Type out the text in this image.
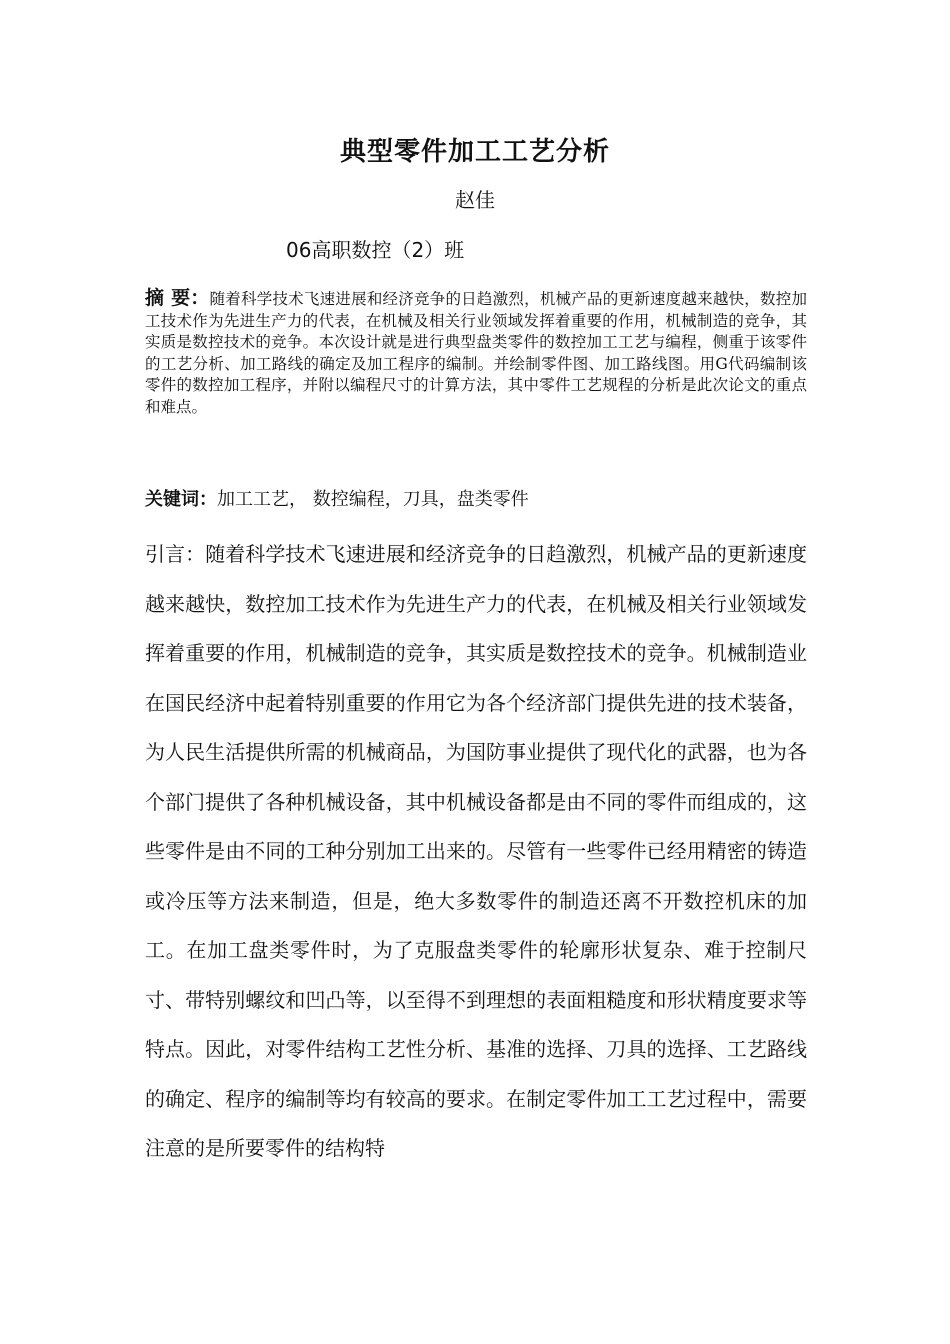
典型零件加工工艺分析
赵佳
06高职数控（2）班
摘 要：随着科学技术飞速进展和经济竞争的日趋激烈，机械产品的更新速度越来越快，数控加工技术作为先进生产力的代表，在机械及相关行业领域发挥着重要的作用，机械制造的竞争，其实质是数控技术的竞争。本次设计就是进行典型盘类零件的数控加工工艺与编程，侧重于该零件的工艺分析、加工路线的确定及加工程序的编制。并绘制零件图、加工路线图。用G代码编制该零件的数控加工程序，并附以编程尺寸的计算方法，其中零件工艺规程的分析是此次论文的重点和难点。
关键词：加工工艺， 数控编程，刀具，盘类零件
引言：随着科学技术飞速进展和经济竞争的日趋激烈，机械产品的更新速度越来越快，数控加工技术作为先进生产力的代表，在机械及相关行业领域发挥着重要的作用，机械制造的竞争，其实质是数控技术的竞争。机械制造业在国民经济中起着特别重要的作用它为各个经济部门提供先进的技术装备，为人民生活提供所需的机械商品，为国防事业提供了现代化的武器，也为各个部门提供了各种机械设备，其中机械设备都是由不同的零件而组成的，这些零件是由不同的工种分别加工出来的。尽管有一些零件已经用精密的铸造或冷压等方法来制造，但是，绝大多数零件的制造还离不开数控机床的加工。在加工盘类零件时，为了克服盘类零件的轮廓形状复杂、难于控制尺寸、带特别螺纹和凹凸等，以至得不到理想的表面粗糙度和形状精度要求等特点。因此，对零件结构工艺性分析、基准的选择、刀具的选择、工艺路线的确定、程序的编制等均有较高的要求。在制定零件加工工艺过程中，需要注意的是所要零件的结构特
